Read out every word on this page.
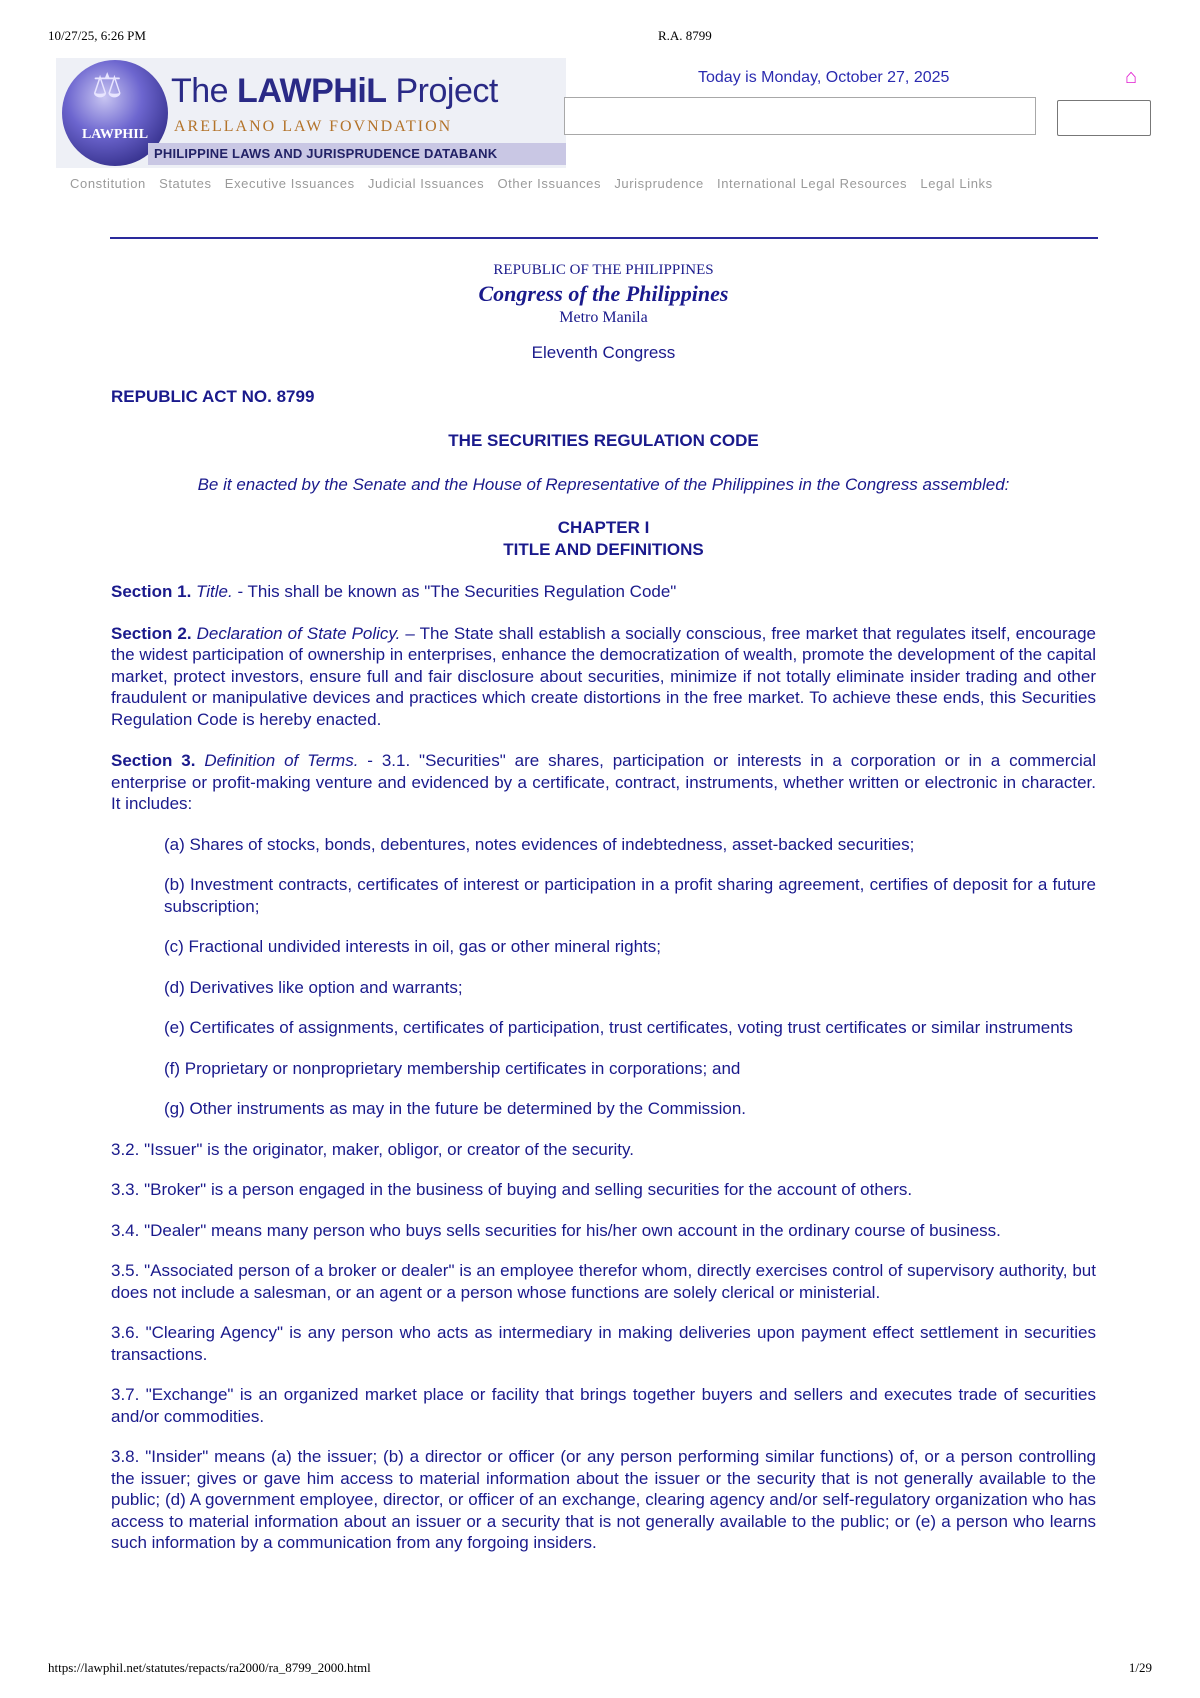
10/27/25, 6:26 PM	R.A. 8799
⚖
LAWPHIL
The LAWPHiL Project
ARELLANO LAW FOVNDATION
PHILIPPINE LAWS AND JURISPRUDENCE DATABANK
Today is Monday, October 27, 2025	⌂
Constitution Statutes Executive Issuances Judicial Issuances Other Issuances Jurisprudence International Legal Resources Legal Links
REPUBLIC OF THE PHILIPPINES
Congress of the Philippines
Metro Manila
Eleventh Congress
REPUBLIC ACT NO. 8799
THE SECURITIES REGULATION CODE
Be it enacted by the Senate and the House of Representative of the Philippines in the Congress assembled:
CHAPTER I
TITLE AND DEFINITIONS

Section 1. Title. - This shall be known as "The Securities Regulation Code"

Section 2. Declaration of State Policy. – The State shall establish a socially conscious, free market that regulates itself, encourage the widest participation of ownership in enterprises, enhance the democratization of wealth, promote the development of the capital market, protect investors, ensure full and fair disclosure about securities, minimize if not totally eliminate insider trading and other fraudulent or manipulative devices and practices which create distortions in the free market. To achieve these ends, this Securities Regulation Code is hereby enacted.

Section 3. Definition of Terms. - 3.1. "Securities" are shares, participation or interests in a corporation or in a commercial enterprise or profit-making venture and evidenced by a certificate, contract, instruments, whether written or electronic in character. It includes:

(a) Shares of stocks, bonds, debentures, notes evidences of indebtedness, asset-backed securities;

(b) Investment contracts, certificates of interest or participation in a profit sharing agreement, certifies of deposit for a future subscription;

(c) Fractional undivided interests in oil, gas or other mineral rights;

(d) Derivatives like option and warrants;

(e) Certificates of assignments, certificates of participation, trust certificates, voting trust certificates or similar instruments

(f) Proprietary or nonproprietary membership certificates in corporations; and

(g) Other instruments as may in the future be determined by the Commission.

3.2. "Issuer" is the originator, maker, obligor, or creator of the security.

3.3. "Broker" is a person engaged in the business of buying and selling securities for the account of others.

3.4. "Dealer" means many person who buys sells securities for his/her own account in the ordinary course of business.

3.5. "Associated person of a broker or dealer" is an employee therefor whom, directly exercises control of supervisory authority, but does not include a salesman, or an agent or a person whose functions are solely clerical or ministerial.

3.6. "Clearing Agency" is any person who acts as intermediary in making deliveries upon payment effect settlement in securities transactions.

3.7. "Exchange" is an organized market place or facility that brings together buyers and sellers and executes trade of securities and/or commodities.

3.8. "Insider" means (a) the issuer; (b) a director or officer (or any person performing similar functions) of, or a person controlling the issuer; gives or gave him access to material information about the issuer or the security that is not generally available to the public; (d) A government employee, director, or officer of an exchange, clearing agency and/or self-regulatory organization who has access to material information about an issuer or a security that is not generally available to the public; or (e) a person who learns such information by a communication from any forgoing insiders.

https://lawphil.net/statutes/repacts/ra2000/ra_8799_2000.html	1/29
